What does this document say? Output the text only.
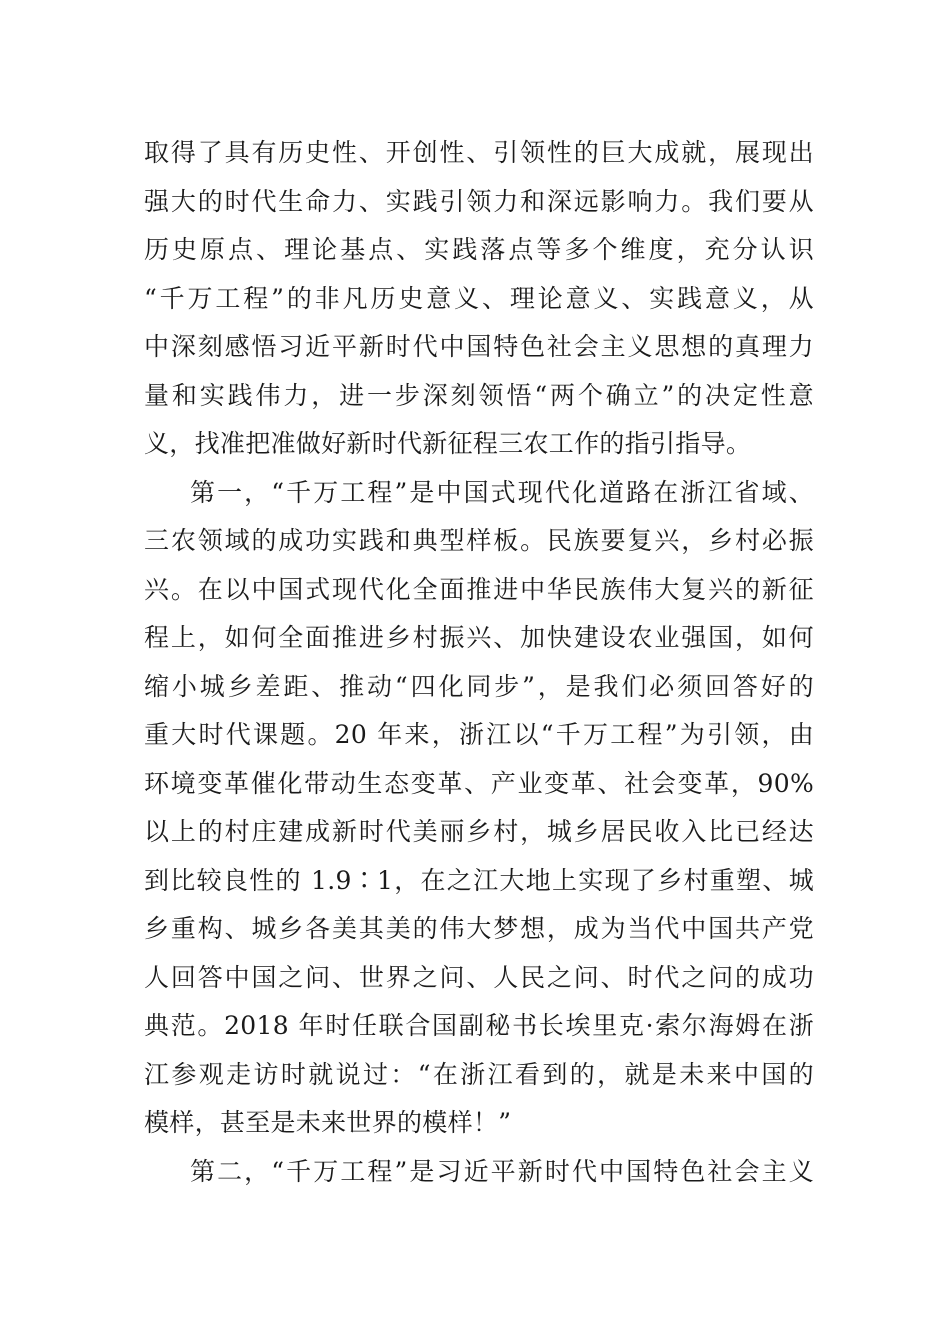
取得了具有历史性、开创性、引领性的巨大成就，展现出
强大的时代生命力、实践引领力和深远影响力。我们要从
历史原点、理论基点、实践落点等多个维度，充分认识
“千万工程”的非凡历史意义、理论意义、实践意义，从
中深刻感悟习近平新时代中国特色社会主义思想的真理力
量和实践伟力，进一步深刻领悟“两个确立”的决定性意
义，找准把准做好新时代新征程三农工作的指引指导。
第一，“千万工程”是中国式现代化道路在浙江省域、
三农领域的成功实践和典型样板。民族要复兴，乡村必振
兴。在以中国式现代化全面推进中华民族伟大复兴的新征
程上，如何全面推进乡村振兴、加快建设农业强国，如何
缩小城乡差距、推动“四化同步”，是我们必须回答好的
重大时代课题。20 年来，浙江以“千万工程”为引领，由
环境变革催化带动生态变革、产业变革、社会变革，90%
以上的村庄建成新时代美丽乡村，城乡居民收入比已经达
到比较良性的 1.9∶1，在之江大地上实现了乡村重塑、城
乡重构、城乡各美其美的伟大梦想，成为当代中国共产党
人回答中国之问、世界之问、人民之问、时代之问的成功
典范。2018 年时任联合国副秘书长埃里克·索尔海姆在浙
江参观走访时就说过：“在浙江看到的，就是未来中国的
模样，甚至是未来世界的模样！”
第二，“千万工程”是习近平新时代中国特色社会主义
